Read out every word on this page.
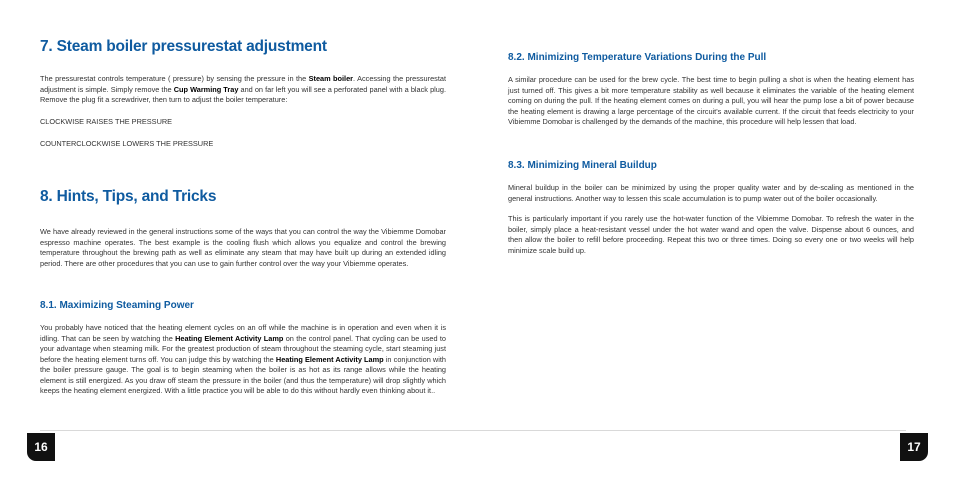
7. Steam boiler pressurestat adjustment

The pressurestat controls temperature ( pressure) by sensing the pressure in the Steam boiler. Accessing the pressurestat adjustment is simple. Simply remove the Cup Warming Tray and on far left you will see a perforated panel with a black plug. Remove the plug fit a screwdriver, then turn to adjust the boiler temperature:

CLOCKWISE RAISES THE PRESSURE
COUNTERCLOCKWISE LOWERS THE PRESSURE
8. Hints, Tips, and Tricks

We have already reviewed in the general instructions some of the ways that you can control the way the Vibiemme Domobar espresso machine operates. The best example is the cooling flush which allows you equalize and control the brewing temperature throughout the brewing path as well as eliminate any steam that may have built up during an extended idling period. There are other procedures that you can use to gain further control over the way your Vibiemme operates.

8.1. Maximizing Steaming Power

You probably have noticed that the heating element cycles on an off while the machine is in operation and even when it is idling. That can be seen by watching the Heating Element Activity Lamp on the control panel. That cycling can be used to your advantage when steaming milk. For the greatest production of steam throughout the steaming cycle, start steaming just before the heating element turns off. You can judge this by watching the Heating Element Activity Lamp in conjunction with the boiler pressure gauge. The goal is to begin steaming when the boiler is as hot as its range allows while the heating element is still energized. As you draw off steam the pressure in the boiler (and thus the temperature) will drop slightly which keeps the heating element energized. With a little practice you will be able to do this without hardly even thinking about it..

8.2. Minimizing Temperature Variations During the Pull

A similar procedure can be used for the brew cycle. The best time to begin pulling a shot is when the heating element has just turned off. This gives a bit more temperature stability as well because it eliminates the variable of the heating element coming on during the pull. If the heating element comes on during a pull, you will hear the pump lose a bit of power because the heating element is drawing a large percentage of the circuit's available current. If the circuit that feeds electricity to your Vibiemme Domobar is challenged by the demands of the machine, this procedure will help lessen that load.

8.3. Minimizing Mineral Buildup

Mineral buildup in the boiler can be minimized by using the proper quality water and by de-scaling as mentioned in the general instructions. Another way to lessen this scale accumulation is to pump water out of the boiler occasionally.

This is particularly important if you rarely use the hot-water function of the Vibiemme Domobar. To refresh the water in the boiler, simply place a heat-resistant vessel under the hot water wand and open the valve. Dispense about 6 ounces, and then allow the boiler to refill before proceeding. Repeat this two or three times. Doing so every one or two weeks will help minimize scale build up.

16	17
